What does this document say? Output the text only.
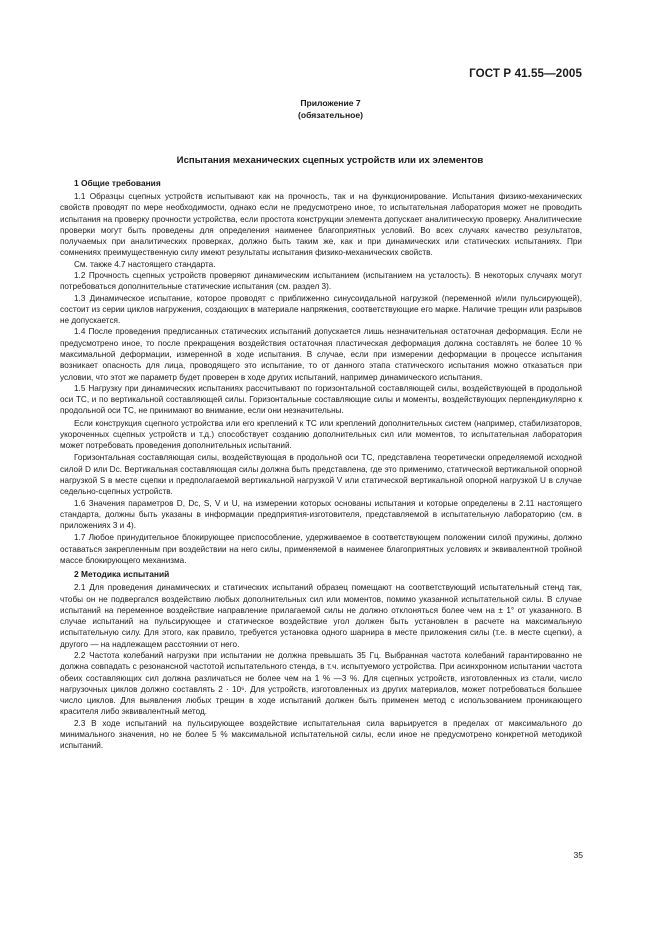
ГОСТ Р 41.55—2005
Приложение 7
(обязательное)
Испытания механических сцепных устройств или их элементов
1 Общие требования

1.1 Образцы сцепных устройств испытывают как на прочность, так и на функционирование. Испытания физико-механических свойств проводят по мере необходимости, однако если не предусмотрено иное, то испытательная лаборатория может не проводить испытания на проверку прочности устройства, если простота конструкции элемента допускает аналитическую проверку. Аналитические проверки могут быть проведены для определения наименее благоприятных условий. Во всех случаях качество результатов, получаемых при аналитических проверках, должно быть таким же, как и при динамических или статических испытаниях. При сомнениях преимущественную силу имеют результаты испытания физико-механических свойств.

См. также 4.7 настоящего стандарта.

1.2 Прочность сцепных устройств проверяют динамическим испытанием (испытанием на усталость). В некоторых случаях могут потребоваться дополнительные статические испытания (см. раздел 3).

1.3 Динамическое испытание, которое проводят с приближенно синусоидальной нагрузкой (переменной и/или пульсирующей), состоит из серии циклов нагружения, создающих в материале напряжения, соответствующие его марке. Наличие трещин или разрывов не допускается.

1.4 После проведения предписанных статических испытаний допускается лишь незначительная остаточная деформация. Если не предусмотрено иное, то после прекращения воздействия остаточная пластическая деформация должна составлять не более 10 % максимальной деформации, измеренной в ходе испытания. В случае, если при измерении деформации в процессе испытания возникает опасность для лица, проводящего это испытание, то от данного этапа статического испытания можно отказаться при условии, что этот же параметр будет проверен в ходе других испытаний, например динамического испытания.

1.5 Нагрузку при динамических испытаниях рассчитывают по горизонтальной составляющей силы, воздействующей в продольной оси ТС, и по вертикальной составляющей силы. Горизонтальные составляющие силы и моменты, воздействующих перпендикулярно к продольной оси ТС, не принимают во внимание, если они незначительны.

Если конструкция сцепного устройства или его креплений к ТС или креплений дополнительных систем (например, стабилизаторов, укороченных сцепных устройств и т.д.) способствует созданию дополнительных сил или моментов, то испытательная лаборатория может потребовать проведения дополнительных испытаний.

Горизонтальная составляющая силы, воздействующая в продольной оси ТС, представлена теоретически определяемой исходной силой D или Dc. Вертикальная составляющая силы должна быть представлена, где это применимо, статической вертикальной опорной нагрузкой S в месте сцепки и предполагаемой вертикальной нагрузкой V или статической вертикальной опорной нагрузкой U в случае седельно-сцепных устройств.

1.6 Значения параметров D, Dc, S, V и U, на измерении которых основаны испытания и которые определены в 2.11 настоящего стандарта, должны быть указаны в информации предприятия-изготовителя, представляемой в испытательную лабораторию (см. в приложениях 3 и 4).

1.7 Любое принудительное блокирующее приспособление, удерживаемое в соответствующем положении силой пружины, должно оставаться закрепленным при воздействии на него силы, применяемой в наименее благоприятных условиях и эквивалентной тройной массе блокирующего механизма.

2 Методика испытаний

2.1 Для проведения динамических и статических испытаний образец помещают на соответствующий испытательный стенд так, чтобы он не подвергался воздействию любых дополнительных сил или моментов, помимо указанной испытательной силы. В случае испытаний на переменное воздействие направление прилагаемой силы не должно отклоняться более чем на ± 1° от указанного. В случае испытаний на пульсирующее и статическое воздействие угол должен быть установлен в расчете на максимальную испытательную силу. Для этого, как правило, требуется установка одного шарнира в месте приложения силы (т.е. в месте сцепки), а другого — на надлежащем расстоянии от него.

2.2 Частота колебаний нагрузки при испытании не должна превышать 35 Гц. Выбранная частота колебаний гарантированно не должна совпадать с резонансной частотой испытательного стенда, в т.ч. испытуемого устройства. При асинхронном испытании частота обеих составляющих сил должна различаться не более чем на 1 % —3 %. Для сцепных устройств, изготовленных из стали, число нагрузочных циклов должно составлять 2 · 10⁶. Для устройств, изготовленных из других материалов, может потребоваться большее число циклов. Для выявления любых трещин в ходе испытаний должен быть применен метод с использованием проникающего красителя либо эквивалентный метод.

2.3 В ходе испытаний на пульсирующее воздействие испытательная сила варьируется в пределах от максимального до минимального значения, но не более 5 % максимальной испытательной силы, если иное не предусмотрено конкретной методикой испытаний.

35
